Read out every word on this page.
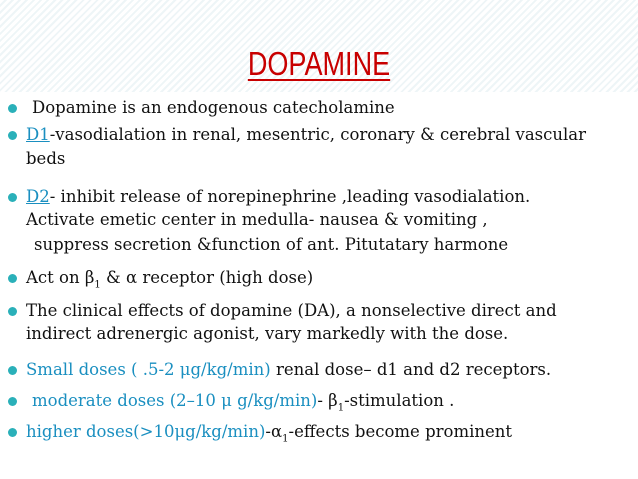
DOPAMINE
Dopamine is an endogenous catecholamine
D1-vasodialation in renal, mesentric, coronary & cerebral vascular
beds
D2- inhibit release of norepinephrine ,leading vasodialation.
Activate emetic center in medulla- nausea & vomiting ,
suppress secretion &function of ant. Pitutatary harmone
Act on $\beta_1$ & α receptor (high dose)
The clinical effects of dopamine (DA), a nonselective direct and
indirect adrenergic agonist, vary markedly with the dose.
Small doses ( .5-2 μg/kg/min) renal dose– d1 and d2 receptors.
moderate doses (2–10 μ g/kg/min)- $\beta_1$-stimulation .
higher $doses(>10\mu g/kg/\min)-\alpha_1$-effects become prominent
